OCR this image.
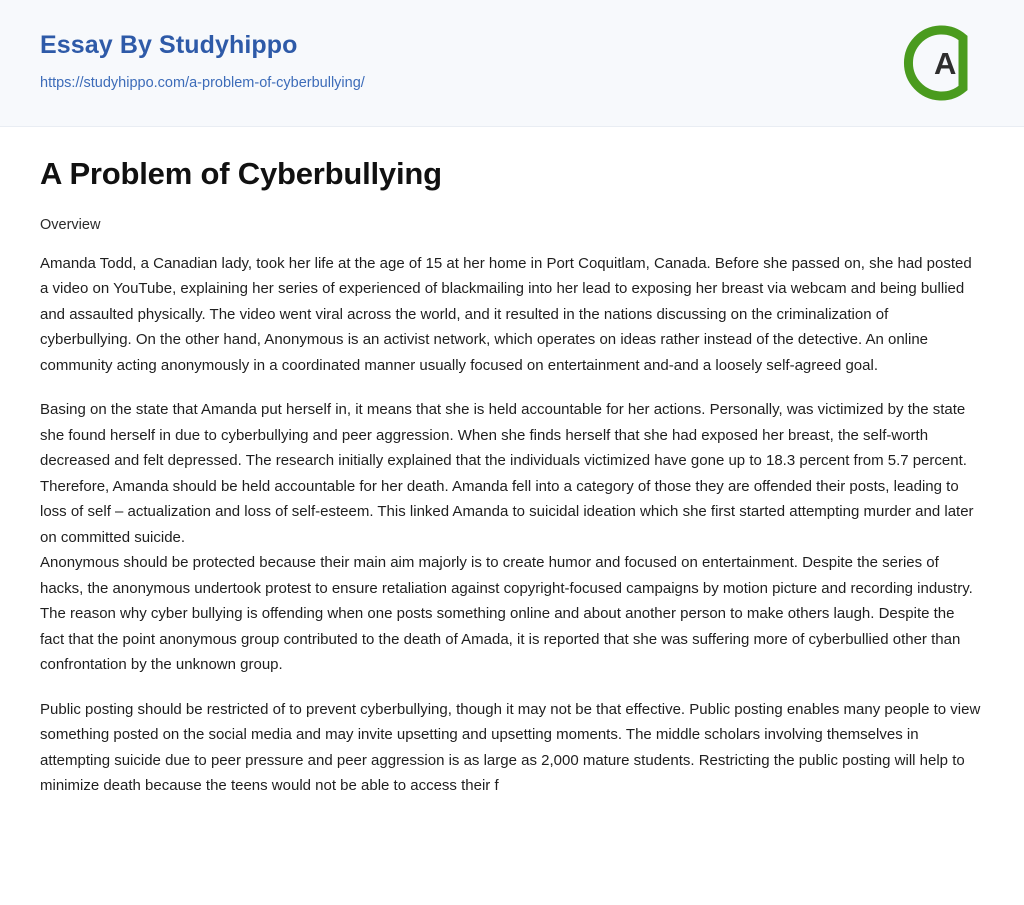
Essay By Studyhippo
https://studyhippo.com/a-problem-of-cyberbullying/
A
A Problem of Cyberbullying
Overview

Amanda Todd, a Canadian lady, took her life at the age of 15 at her home in Port Coquitlam, Canada. Before she passed on, she had posted a video on YouTube, explaining her series of experienced of blackmailing into her lead to exposing her breast via webcam and being bullied and assaulted physically. The video went viral across the world, and it resulted in the nations discussing on the criminalization of cyberbullying. On the other hand, Anonymous is an activist network, which operates on ideas rather instead of the detective. An online community acting anonymously in a coordinated manner usually focused on entertainment and-and a loosely self-agreed goal.

Basing on the state that Amanda put herself in, it means that she is held accountable for her actions. Personally, was victimized by the state she found herself in due to cyberbullying and peer aggression. When she finds herself that she had exposed her breast, the self-worth decreased and felt depressed. The research initially explained that the individuals victimized have gone up to 18.3 percent from 5.7 percent. Therefore, Amanda should be held accountable for her death. Amanda fell into a category of those they are offended their posts, leading to loss of self – actualization and loss of self-esteem. This linked Amanda to suicidal ideation which she first started attempting murder and later on committed suicide.

Anonymous should be protected because their main aim majorly is to create humor and focused on entertainment. Despite the series of hacks, the anonymous undertook protest to ensure retaliation against copyright-focused campaigns by motion picture and recording industry. The reason why cyber bullying is offending when one posts something online and about another person to make others laugh. Despite the fact that the point anonymous group contributed to the death of Amada, it is reported that she was suffering more of cyberbullied other than confrontation by the unknown group.

Public posting should be restricted of to prevent cyberbullying, though it may not be that effective. Public posting enables many people to view something posted on the social media and may invite upsetting and upsetting moments. The middle scholars involving themselves in attempting suicide due to peer pressure and peer aggression is as large as 2,000 mature students. Restricting the public posting will help to minimize death because the teens would not be able to access their f
